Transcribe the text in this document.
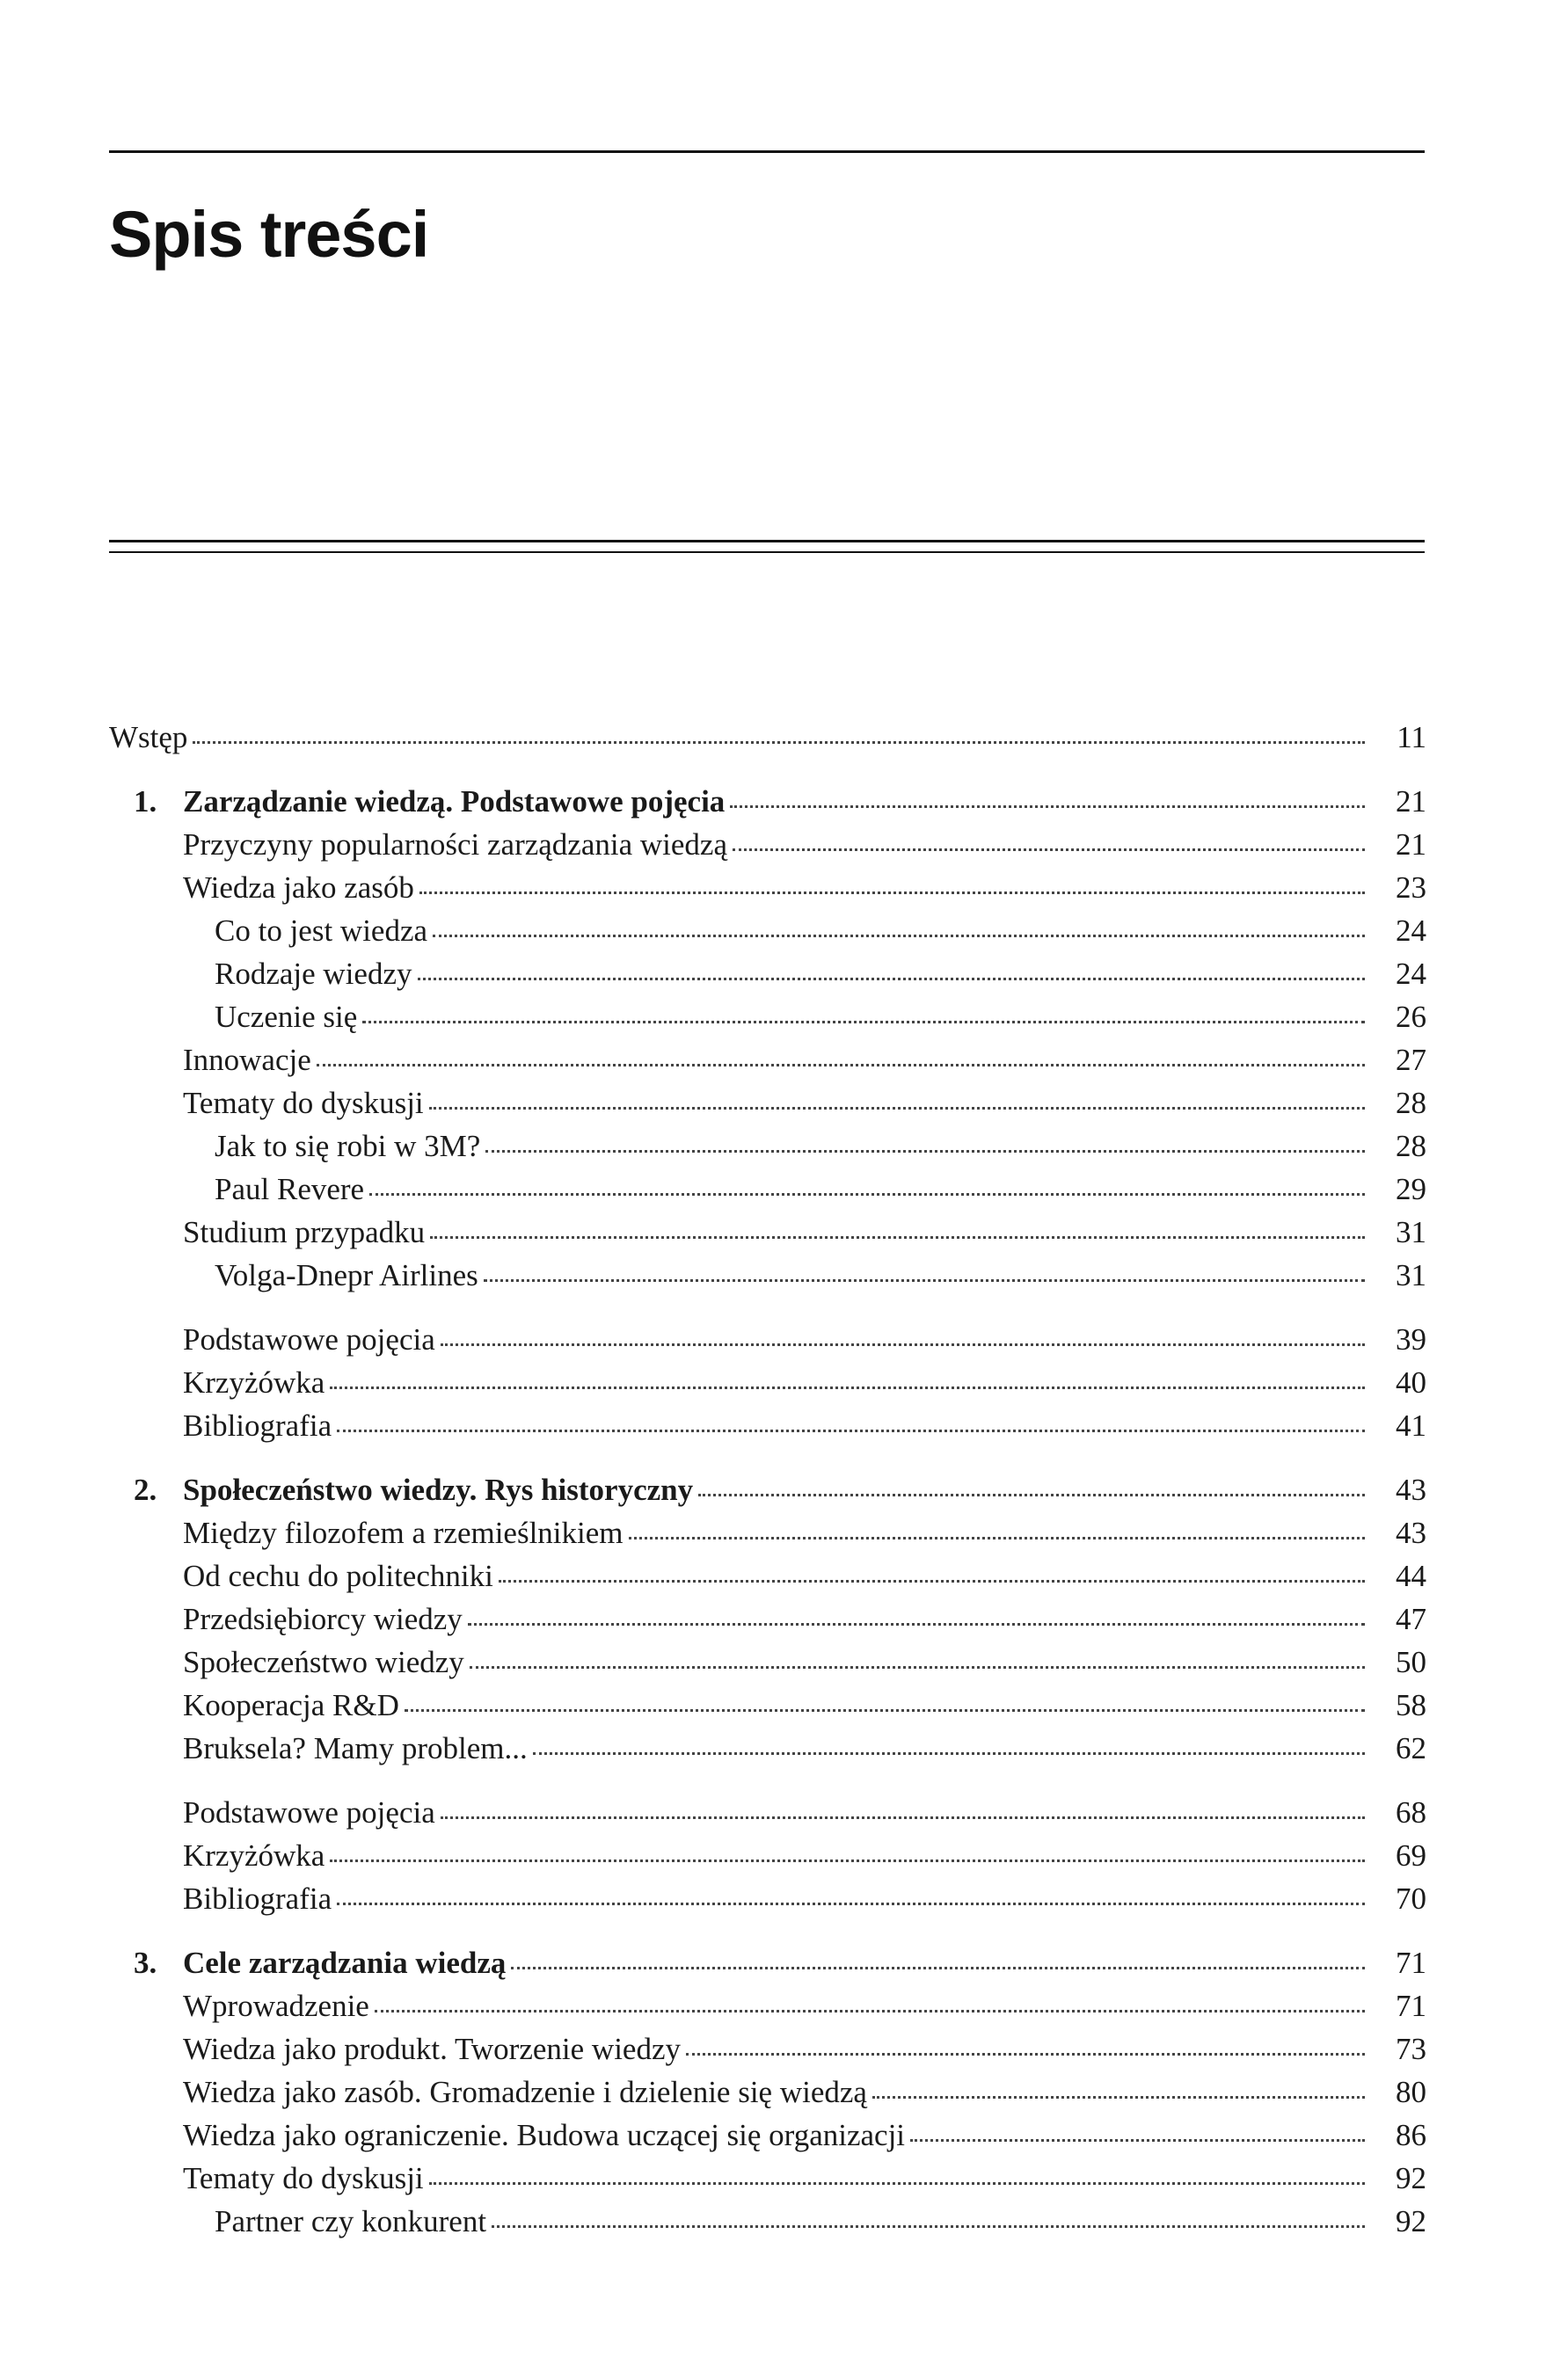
Spis treści
Wstęp	11
1. Zarządzanie wiedzą. Podstawowe pojęcia	21
Przyczyny popularności zarządzania wiedzą	21
Wiedza jako zasób	23
Co to jest wiedza	24
Rodzaje wiedzy	24
Uczenie się	26
Innowacje	27
Tematy do dyskusji	28
Jak to się robi w 3M?	28
Paul Revere	29
Studium przypadku	31
Volga-Dnepr Airlines	31
Podstawowe pojęcia	39
Krzyżówka	40
Bibliografia	41
2. Społeczeństwo wiedzy. Rys historyczny	43
Między filozofem a rzemieślnikiem	43
Od cechu do politechniki	44
Przedsiębiorcy wiedzy	47
Społeczeństwo wiedzy	50
Kooperacja R&D	58
Bruksela? Mamy problem...	62
Podstawowe pojęcia	68
Krzyżówka	69
Bibliografia	70
3. Cele zarządzania wiedzą	71
Wprowadzenie	71
Wiedza jako produkt. Tworzenie wiedzy	73
Wiedza jako zasób. Gromadzenie i dzielenie się wiedzą	80
Wiedza jako ograniczenie. Budowa uczącej się organizacji	86
Tematy do dyskusji	92
Partner czy konkurent	92
